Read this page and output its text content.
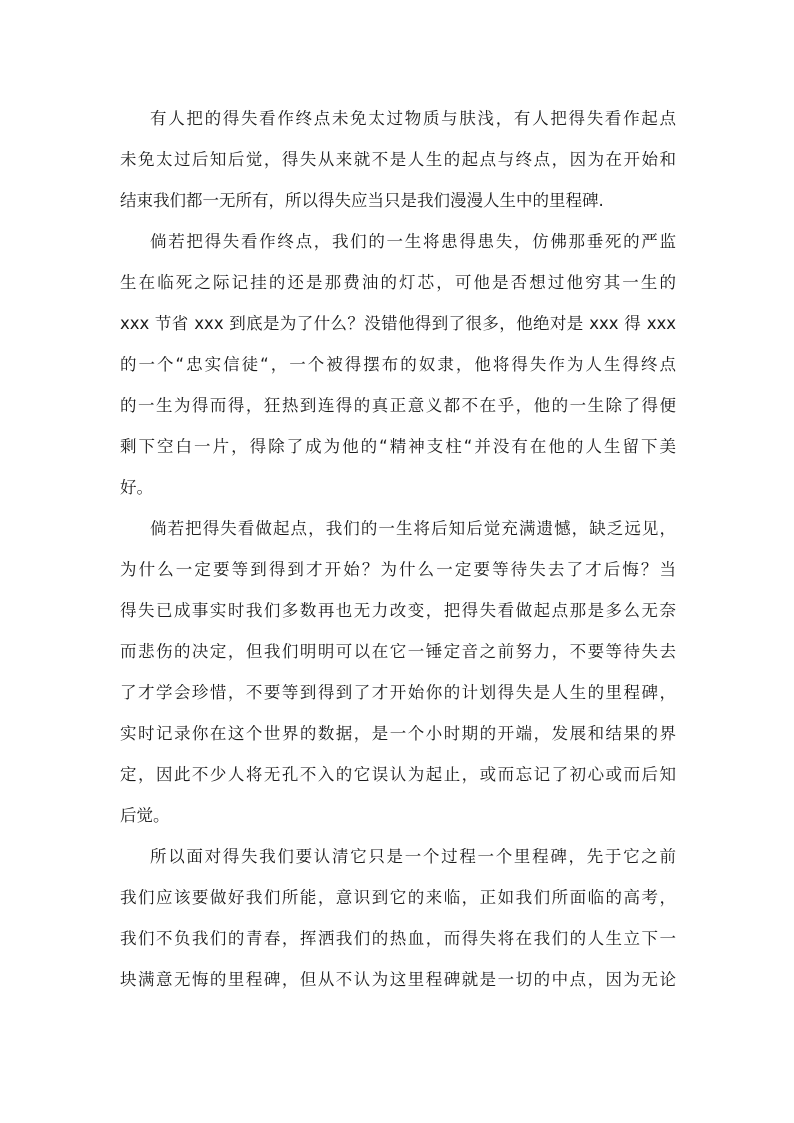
有人把的得失看作终点未免太过物质与肤浅，有人把得失看作起点
未免太过后知后觉，得失从来就不是人生的起点与终点，因为在开始和
结束我们都一无所有，所以得失应当只是我们漫漫人生中的里程碑.
倘若把得失看作终点，我们的一生将患得患失，仿佛那垂死的严监
生在临死之际记挂的还是那费油的灯芯，可他是否想过他穷其一生的
xxx 节省 xxx 到底是为了什么？没错他得到了很多，他绝对是 xxx 得 xxx
的一个“忠实信徒“，一个被得摆布的奴隶，他将得失作为人生得终点
的一生为得而得，狂热到连得的真正意义都不在乎，他的一生除了得便
剩下空白一片，得除了成为他的“精神支柱“并没有在他的人生留下美
好。
倘若把得失看做起点，我们的一生将后知后觉充满遗憾，缺乏远见，
为什么一定要等到得到才开始？为什么一定要等待失去了才后悔？当
得失已成事实时我们多数再也无力改变，把得失看做起点那是多么无奈
而悲伤的决定，但我们明明可以在它一锤定音之前努力，不要等待失去
了才学会珍惜，不要等到得到了才开始你的计划得失是人生的里程碑，
实时记录你在这个世界的数据，是一个小时期的开端，发展和结果的界
定，因此不少人将无孔不入的它误认为起止，或而忘记了初心或而后知
后觉。
所以面对得失我们要认清它只是一个过程一个里程碑，先于它之前
我们应该要做好我们所能，意识到它的来临，正如我们所面临的高考，
我们不负我们的青春，挥洒我们的热血，而得失将在我们的人生立下一
块满意无悔的里程碑，但从不认为这里程碑就是一切的中点，因为无论
